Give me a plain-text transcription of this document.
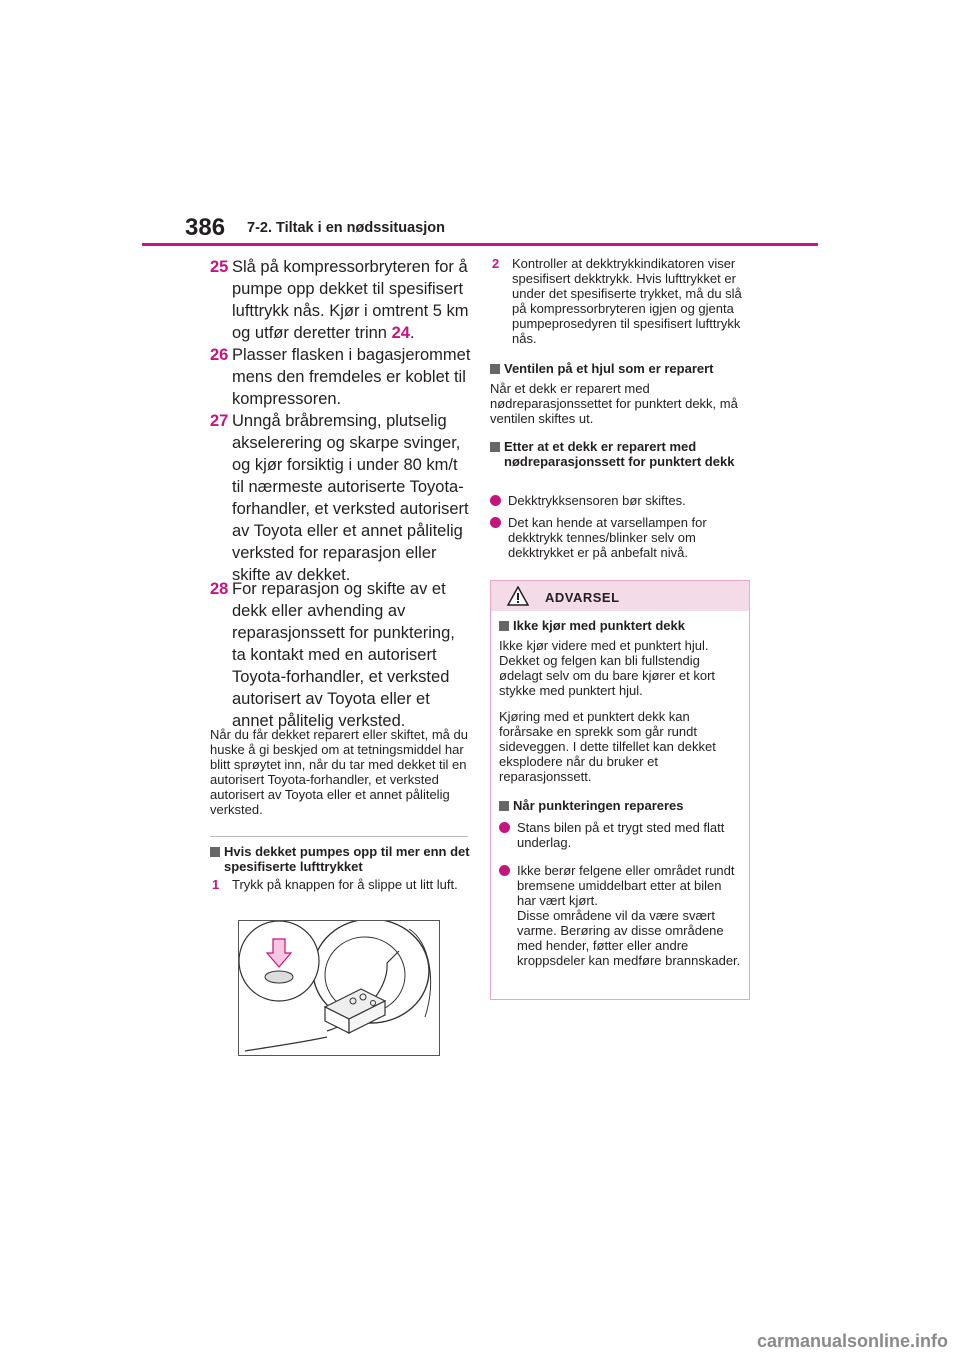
386 7-2. Tiltak i en nødssituasjon
25 Slå på kompressorbryteren for å pumpe opp dekket til spesifisert lufttrykk nås. Kjør i omtrent 5 km og utfør deretter trinn 24.
26 Plasser flasken i bagasjerommet mens den fremdeles er koblet til kompressoren.
27 Unngå bråbremsing, plutselig akselerering og skarpe svinger, og kjør forsiktig i under 80 km/t til nærmeste autoriserte Toyota-forhandler, et verksted autorisert av Toyota eller et annet pålitelig verksted for reparasjon eller skifte av dekket.
28 For reparasjon og skifte av et dekk eller avhending av reparasjonssett for punktering, ta kontakt med en autorisert Toyota-forhandler, et verksted autorisert av Toyota eller et annet pålitelig verksted.
Når du får dekket reparert eller skiftet, må du huske å gi beskjed om at tetningsmiddel har blitt sprøytet inn, når du tar med dekket til en autorisert Toyota-forhandler, et verksted autorisert av Toyota eller et annet pålitelig verksted.
Hvis dekket pumpes opp til mer enn det spesifiserte lufttrykket
1 Trykk på knappen for å slippe ut litt luft.
2 Kontroller at dekktrykkindikatoren viser spesifisert dekktrykk. Hvis lufttrykket er under det spesifiserte trykket, må du slå på kompressorbryteren igjen og gjenta pumpeprosedyren til spesifisert lufttrykk nås.
Ventilen på et hjul som er reparert
Når et dekk er reparert med nødreparasjonssettet for punktert dekk, må ventilen skiftes ut.
Etter at et dekk er reparert med nødreparasjonssett for punktert dekk
Dekktrykksensoren bør skiftes.
Det kan hende at varsellampen for dekktrykk tennes/blinker selv om dekktrykket er på anbefalt nivå.
ADVARSEL
Ikke kjør med punktert dekk
Ikke kjør videre med et punktert hjul. Dekket og felgen kan bli fullstendig ødelagt selv om du bare kjører et kort stykke med punktert hjul.
Kjøring med et punktert dekk kan forårsake en sprekk som går rundt sideveggen. I dette tilfellet kan dekket eksplodere når du bruker et reparasjonssett.
Når punkteringen repareres
Stans bilen på et trygt sted med flatt underlag.
Ikke berør felgene eller området rundt bremsene umiddelbart etter at bilen har vært kjørt.
Disse områdene vil da være svært varme. Berøring av disse områdene med hender, føtter eller andre kroppsdeler kan medføre brannskader.
carmanualsonline.info
